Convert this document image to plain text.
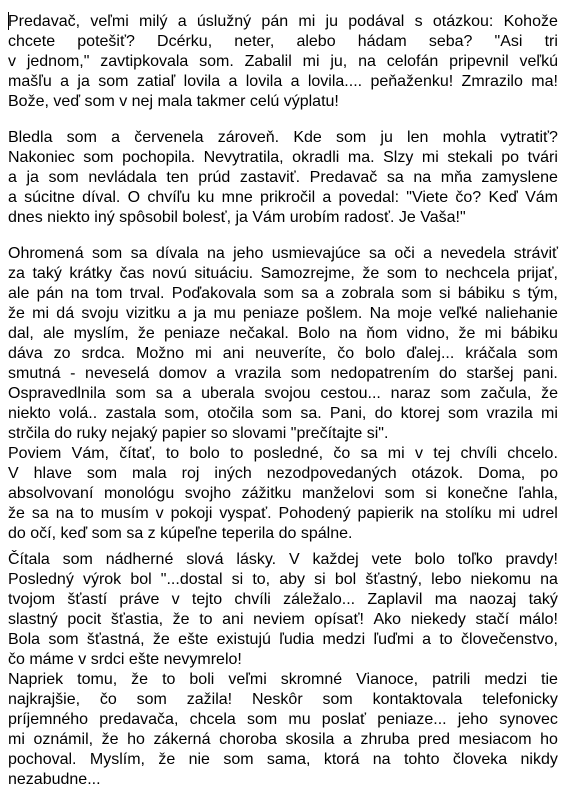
Predavač, veľmi milý a úslužný pán mi ju podával s otázkou: Kohože
chcete potešiť? Dcérku, neter, alebo hádam seba? "Asi tri
v jednom," zavtipkovala som. Zabalil mi ju, na celofán pripevnil veľkú
mašľu a ja som zatiaľ lovila a lovila a lovila.... peňaženku! Zmrazilo ma!
Bože, veď som v nej mala takmer celú výplatu!
Bledla som a červenela zároveň. Kde som ju len mohla vytratiť?
Nakoniec som pochopila. Nevytratila, okradli ma. Slzy mi stekali po tvári
a ja som nevládala ten prúd zastaviť. Predavač sa na mňa zamyslene
a súcitne díval. O chvíľu ku mne prikročil a povedal: "Viete čo? Keď Vám
dnes niekto iný spôsobil bolesť, ja Vám urobím radosť. Je Vaša!"
Ohromená som sa dívala na jeho usmievajúce sa oči a nevedela stráviť
za taký krátky čas novú situáciu. Samozrejme, že som to nechcela prijať,
ale pán na tom trval. Poďakovala som sa a zobrala som si bábiku s tým,
že mi dá svoju vizitku a ja mu peniaze pošlem. Na moje veľké naliehanie
dal, ale myslím, že peniaze nečakal. Bolo na ňom vidno, že mi bábiku
dáva zo srdca. Možno mi ani neuveríte, čo bolo ďalej... kráčala som
smutná - neveselá domov a vrazila som nedopatrením do staršej pani.
Ospravedlnila som sa a uberala svojou cestou... naraz som začula, že
niekto volá.. zastala som, otočila som sa. Pani, do ktorej som vrazila mi
strčila do ruky nejaký papier so slovami "prečítajte si".
Poviem Vám, čítať, to bolo to posledné, čo sa mi v tej chvíli chcelo.
V hlave som mala roj iných nezodpovedaných otázok. Doma, po
absolvovaní monológu svojho zážitku manželovi som si konečne ľahla,
že sa na to musím v pokoji vyspať. Pohodený papierik na stolíku mi udrel
do očí, keď som sa z kúpeľne teperila do spálne.
Čítala som nádherné slová lásky. V každej vete bolo toľko pravdy!
Posledný výrok bol "...dostal si to, aby si bol šťastný, lebo niekomu na
tvojom šťastí práve v tejto chvíli záležalo... Zaplavil ma naozaj taký
slastný pocit šťastia, že to ani neviem opísať! Ako niekedy stačí málo!
Bola som šťastná, že ešte existujú ľudia medzi ľuďmi a to človečenstvo,
čo máme v srdci ešte nevymrelo!
Napriek tomu, že to boli veľmi skromné Vianoce, patrili medzi tie
najkrajšie, čo som zažila! Neskôr som kontaktovala telefonicky
príjemného predavača, chcela som mu poslať peniaze... jeho synovec
mi oznámil, že ho zákerná choroba skosila a zhruba pred mesiacom ho
pochoval. Myslím, že nie som sama, ktorá na tohto človeka nikdy
nezabudne...
